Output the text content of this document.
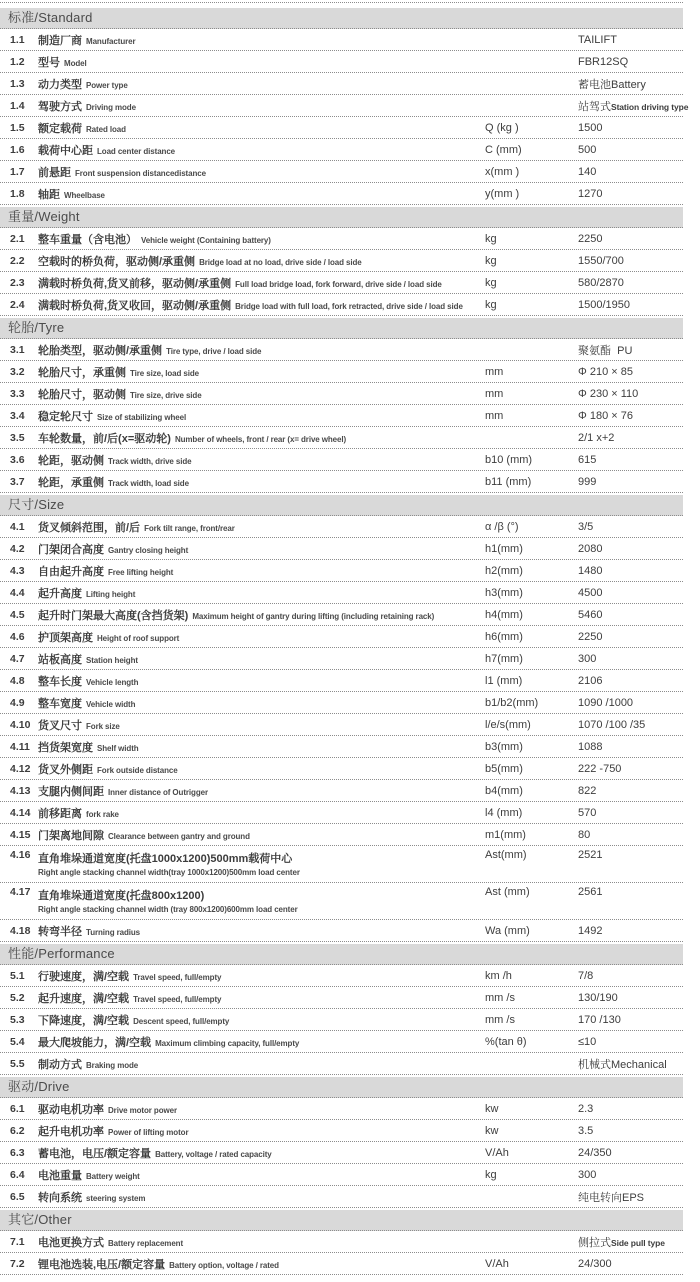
标准/Standard
1.1	制造厂商 Manufacturer	TAILIFT
1.2	型号 Model	FBR12SQ
1.3	动力类型 Power type	蓄电池Battery
1.4	驾驶方式 Driving mode	站驾式Station driving type
1.5	额定载荷 Rated load	Q (kg )	1500
1.6	载荷中心距 Load center distance	C (mm)	500
1.7	前悬距 Front suspension distancedistance	x(mm )	140
1.8	轴距 Wheelbase	y(mm )	1270
重量/Weight
2.1	整车重量（含电池） Vehicle weight (Containing battery)	kg	2250
2.2	空载时的桥负荷，驱动侧/承重侧 Bridge load at no load, drive side / load side	kg	1550/700
2.3	满载时桥负荷,货叉前移，驱动侧/承重侧 Full load bridge load, fork forward, drive side / load side	kg	580/2870
2.4	满载时桥负荷,货叉收回，驱动侧/承重侧 Bridge load with full load, fork retracted, drive side / load side	kg	1500/1950
轮胎/Tyre
3.1	轮胎类型，驱动侧/承重侧 Tire type, drive / load side	聚氨酯  PU
3.2	轮胎尺寸，承重侧 Tire size, load side	mm	Φ 210 × 85
3.3	轮胎尺寸，驱动侧 Tire size, drive side	mm	Φ 230 × 110
3.4	稳定轮尺寸 Size of stabilizing wheel	mm	Φ 180 × 76
3.5	车轮数量，前/后(x=驱动轮) Number of wheels, front / rear (x= drive wheel)	2/1 x+2
3.6	轮距，驱动侧 Track width, drive side	b10 (mm)	615
3.7	轮距，承重侧 Track width, load side	b11 (mm)	999
尺寸/Size
4.1	货叉倾斜范围，前/后 Fork tilt range, front/rear	α /β (°)	3/5
4.2	门架闭合高度 Gantry closing height	h1(mm)	2080
4.3	自由起升高度 Free lifting height	h2(mm)	1480
4.4	起升高度 Lifting height	h3(mm)	4500
4.5	起升时门架最大高度(含挡货架) Maximum height of gantry during lifting (including retaining rack)	h4(mm)	5460
4.6	护顶架高度 Height of roof support	h6(mm)	2250
4.7	站板高度 Station height	h7(mm)	300
4.8	整车长度 Vehicle length	l1 (mm)	2106
4.9	整车宽度 Vehicle width	b1/b2(mm)	1090 /1000
4.10 货叉尺寸 Fork size	l/e/s(mm)	1070 /100 /35
4.11 挡货架宽度 Shelf width	b3(mm)	1088
4.12 货叉外侧距 Fork outside distance	b5(mm)	222 -750
4.13 支腿内侧间距 Inner distance of Outrigger	b4(mm)	822
4.14 前移距离 fork rake	l4 (mm)	570
4.15 门架离地间隙 Clearance between gantry and ground	m1(mm)	80
4.16 直角堆垛通道宽度(托盘1000x1200)500mm载荷中心
Right angle stacking channel width(tray 1000x1200)500mm load center
Ast(mm)	2521
4.17 直角堆垛通道宽度(托盘800x1200)
Right angle stacking channel width (tray 800x1200)600mm load center
Ast (mm)	2561
4.18 转弯半径 Turning radius	Wa (mm)	1492
性能/Performance
5.1	行驶速度，满/空载 Travel speed, full/empty	km /h	7/8
5.2	起升速度，满/空载 Travel speed, full/empty	mm /s	130/190
5.3	下降速度，满/空载 Descent speed, full/empty	mm /s	170 /130
5.4	最大爬坡能力，满/空载 Maximum climbing capacity, full/empty	%(tan θ)	≤10
5.5	制动方式 Braking mode	机械式Mechanical
驱动/Drive
6.1	驱动电机功率 Drive motor power	kw	2.3
6.2	起升电机功率 Power of lifting motor	kw	3.5
6.3	蓄电池，电压/额定容量 Battery, voltage / rated capacity	V/Ah	24/350
6.4	电池重量 Battery weight	kg	300
6.5	转向系统 steering system	纯电转向EPS
其它/Other
7.1	电池更换方式 Battery replacement	侧拉式Side pull type
7.2	锂电池选装,电压/额定容量 Battery option, voltage / rated	V/Ah	24/300
